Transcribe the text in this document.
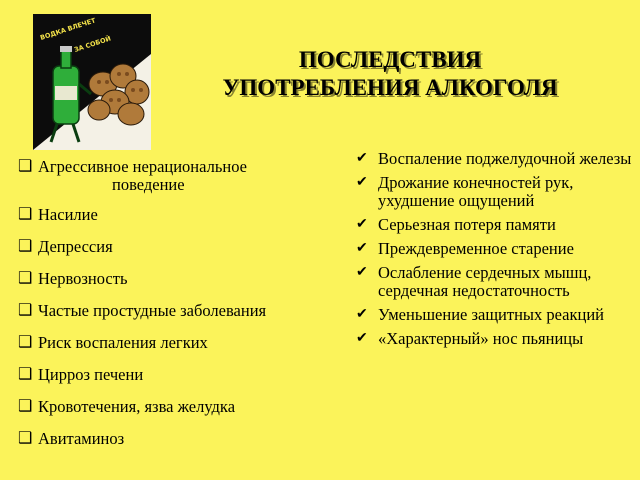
ВОДКА ВЛЕЧЕТ
ЗА СОБОЙ
ПОСЛЕДСТВИЯ
УПОТРЕБЛЕНИЯ АЛКОГОЛЯ
❑ Агрессивное нерациональное
поведение
❑ Насилие
❑ Депрессия
❑ Нервозность
❑ Частые простудные заболевания
❑ Риск воспаления легких
❑ Цирроз печени
❑ Кровотечения, язва желудка
❑ Авитаминоз
✔ Воспаление поджелудочной железы
✔ Дрожание конечностей рук, ухудшение ощущений
✔ Серьезная потеря памяти
✔ Преждевременное старение
✔ Ослабление сердечных мышц, сердечная недостаточность
✔ Уменьшение защитных реакций
✔ «Характерный» нос пьяницы
